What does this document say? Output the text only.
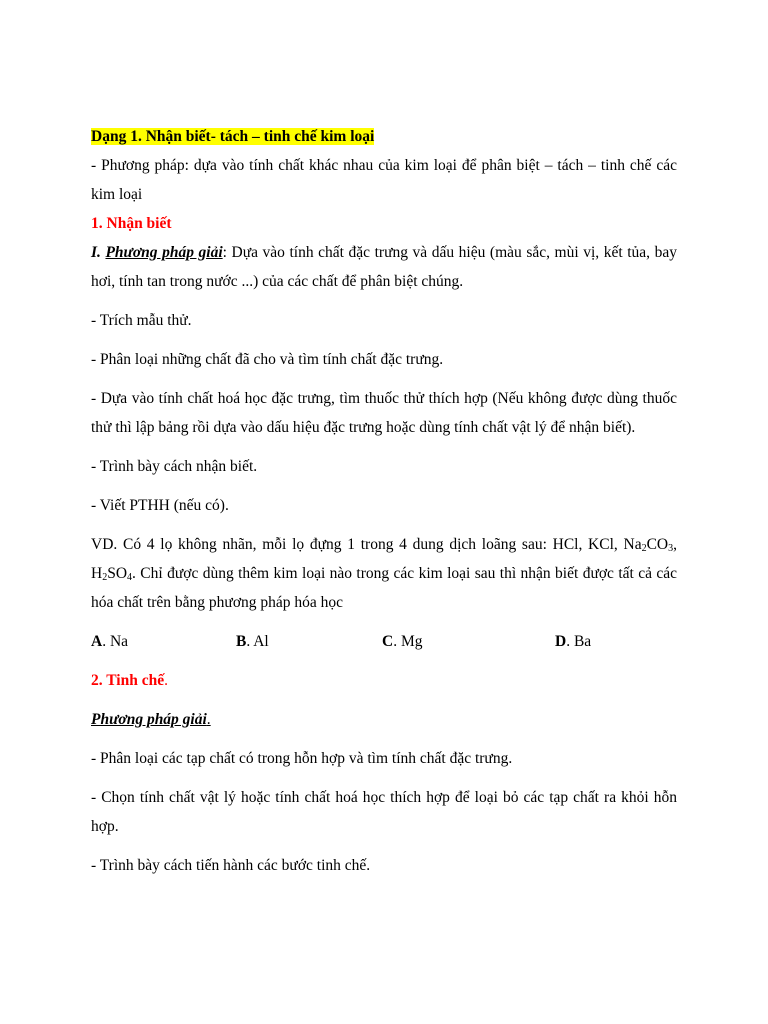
Dạng 1. Nhận biết- tách – tinh chế kim loại

- Phương pháp: dựa vào tính chất khác nhau của kim loại để phân biệt – tách – tinh chế các kim loại

1. Nhận biết

I. Phương pháp giải: Dựa vào tính chất đặc trưng và dấu hiệu (màu sắc, mùi vị, kết tủa, bay hơi, tính tan trong nước ...) của các chất để phân biệt chúng.

- Trích mẫu thử.

- Phân loại những chất đã cho và tìm tính chất đặc trưng.

- Dựa vào tính chất hoá học đặc trưng, tìm thuốc thử thích hợp (Nếu không được dùng thuốc thử thì lập bảng rồi dựa vào dấu hiệu đặc trưng hoặc dùng tính chất vật lý để nhận biết).

- Trình bày cách nhận biết.

- Viết PTHH (nếu có).

VD. Có 4 lọ không nhãn, mỗi lọ đựng 1 trong 4 dung dịch loãng sau: HCl, KCl, $Na_2CO_3$, $H_2SO_4$. Chỉ được dùng thêm kim loại nào trong các kim loại sau thì nhận biết được tất cả các hóa chất trên bằng phương pháp hóa học

A. Na	B. Al	C. Mg	D. Ba

2. Tinh chế.

Phương pháp giải.

- Phân loại các tạp chất có trong hỗn hợp và tìm tính chất đặc trưng.

- Chọn tính chất vật lý hoặc tính chất hoá học thích hợp để loại bỏ các tạp chất ra khỏi hỗn hợp.

- Trình bày cách tiến hành các bước tinh chế.
